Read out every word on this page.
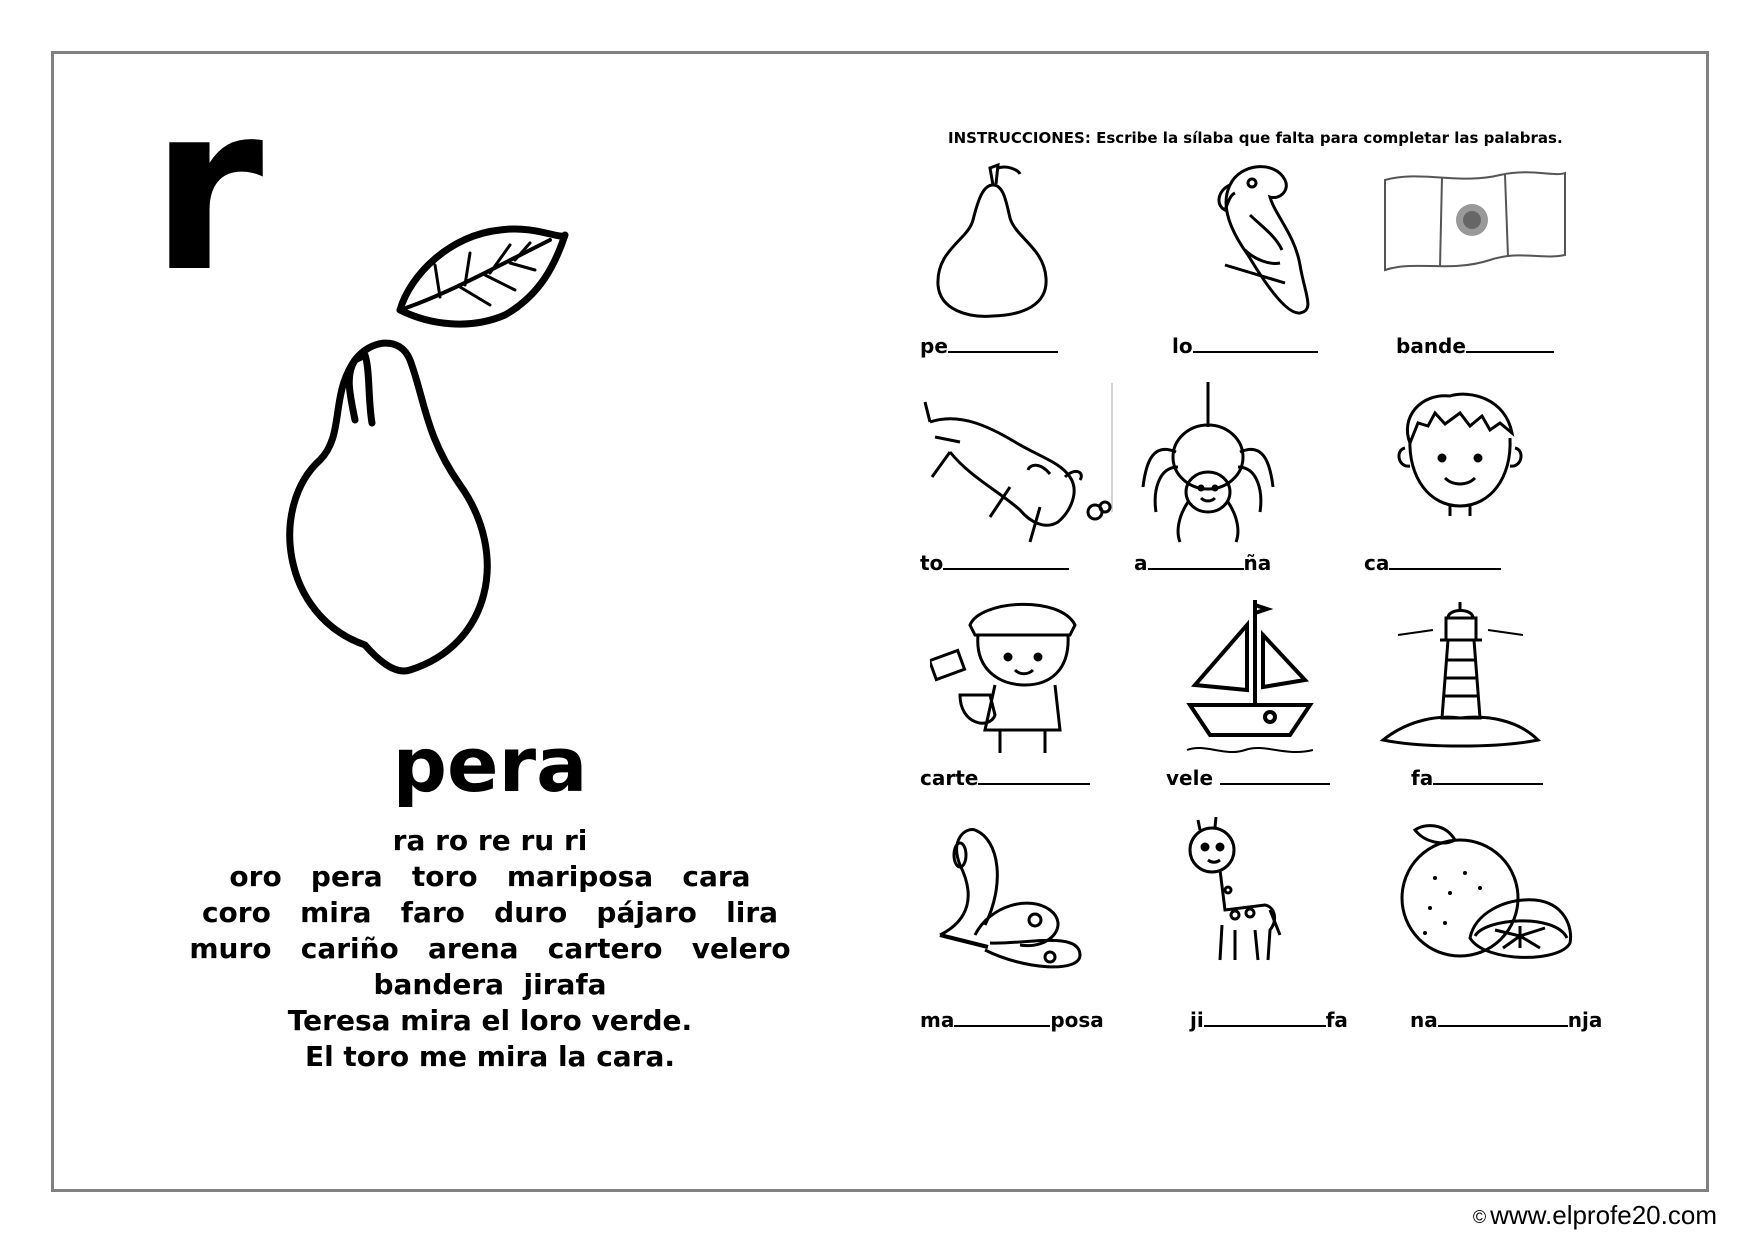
r
pera
ra ro re ru ri
oro   pera   toro   mariposa   cara
coro   mira   faro   duro   pájaro   lira
muro   cariño   arena   cartero   velero
bandera  jirafa
Teresa mira el loro verde.
El toro me mira la cara.
INSTRUCCIONES: Escribe la sílaba que falta para completar las palabras.
pe	lo	bande
to	a	ña	ca
carte	vele	fa
ma	posa	ji	fa	na	nja
© www.elprofe20.com
